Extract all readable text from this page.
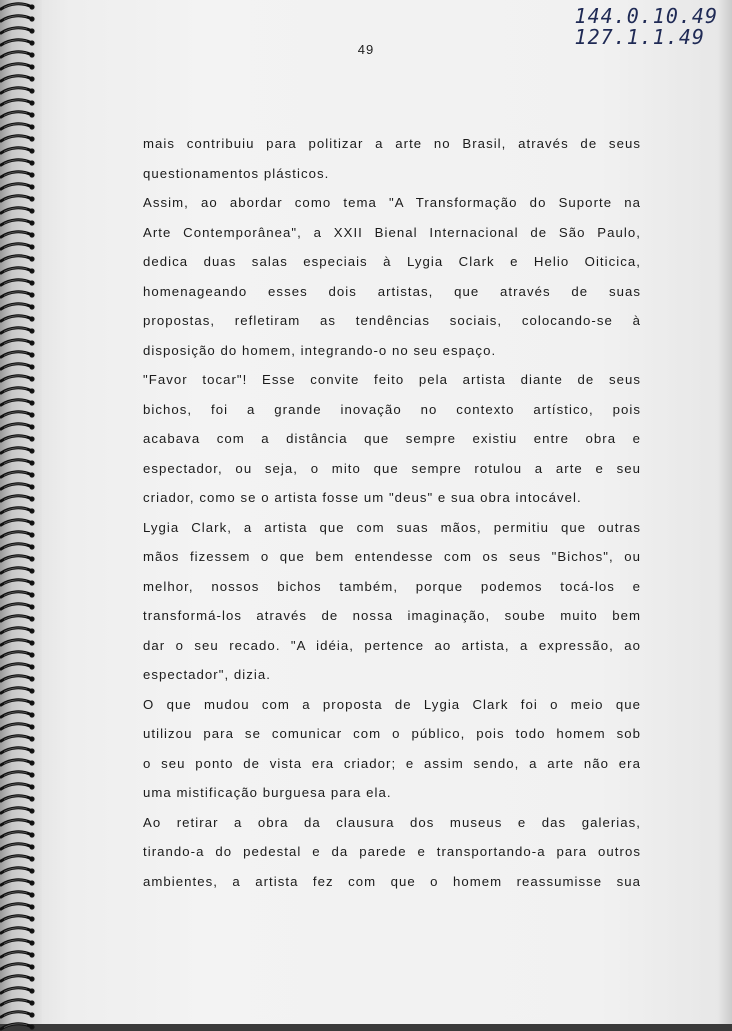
144.0.10.49
127.1.1.49
49
mais contribuiu para politizar a arte no Brasil, através de seus
questionamentos plásticos.
Assim, ao abordar como tema "A Transformação do Suporte na
Arte Contemporânea", a XXII Bienal Internacional de São Paulo,
dedica duas salas especiais à Lygia Clark e Helio Oiticica,
homenageando esses dois artistas, que através de suas
propostas, refletiram as tendências sociais, colocando-se à
disposição do homem, integrando-o no seu espaço.
"Favor tocar"! Esse convite feito pela artista diante de seus
bichos, foi a grande inovação no contexto artístico, pois
acabava com a distância que sempre existiu entre obra e
espectador, ou seja, o mito que sempre rotulou a arte e seu
criador, como se o artista fosse um "deus" e sua obra intocável.
Lygia Clark, a artista que com suas mãos, permitiu que outras
mãos fizessem o que bem entendesse com os seus "Bichos", ou
melhor, nossos bichos também, porque podemos tocá-los e
transformá-los através de nossa imaginação, soube muito bem
dar o seu recado. "A idéia, pertence ao artista, a expressão, ao
espectador", dizia.
O que mudou com a proposta de Lygia Clark foi o meio que
utilizou para se comunicar com o público, pois todo homem sob
o seu ponto de vista era criador; e assim sendo, a arte não era
uma mistificação burguesa para ela.
Ao retirar a obra da clausura dos museus e das galerias,
tirando-a do pedestal e da parede e transportando-a para outros
ambientes, a artista fez com que o homem reassumisse sua
